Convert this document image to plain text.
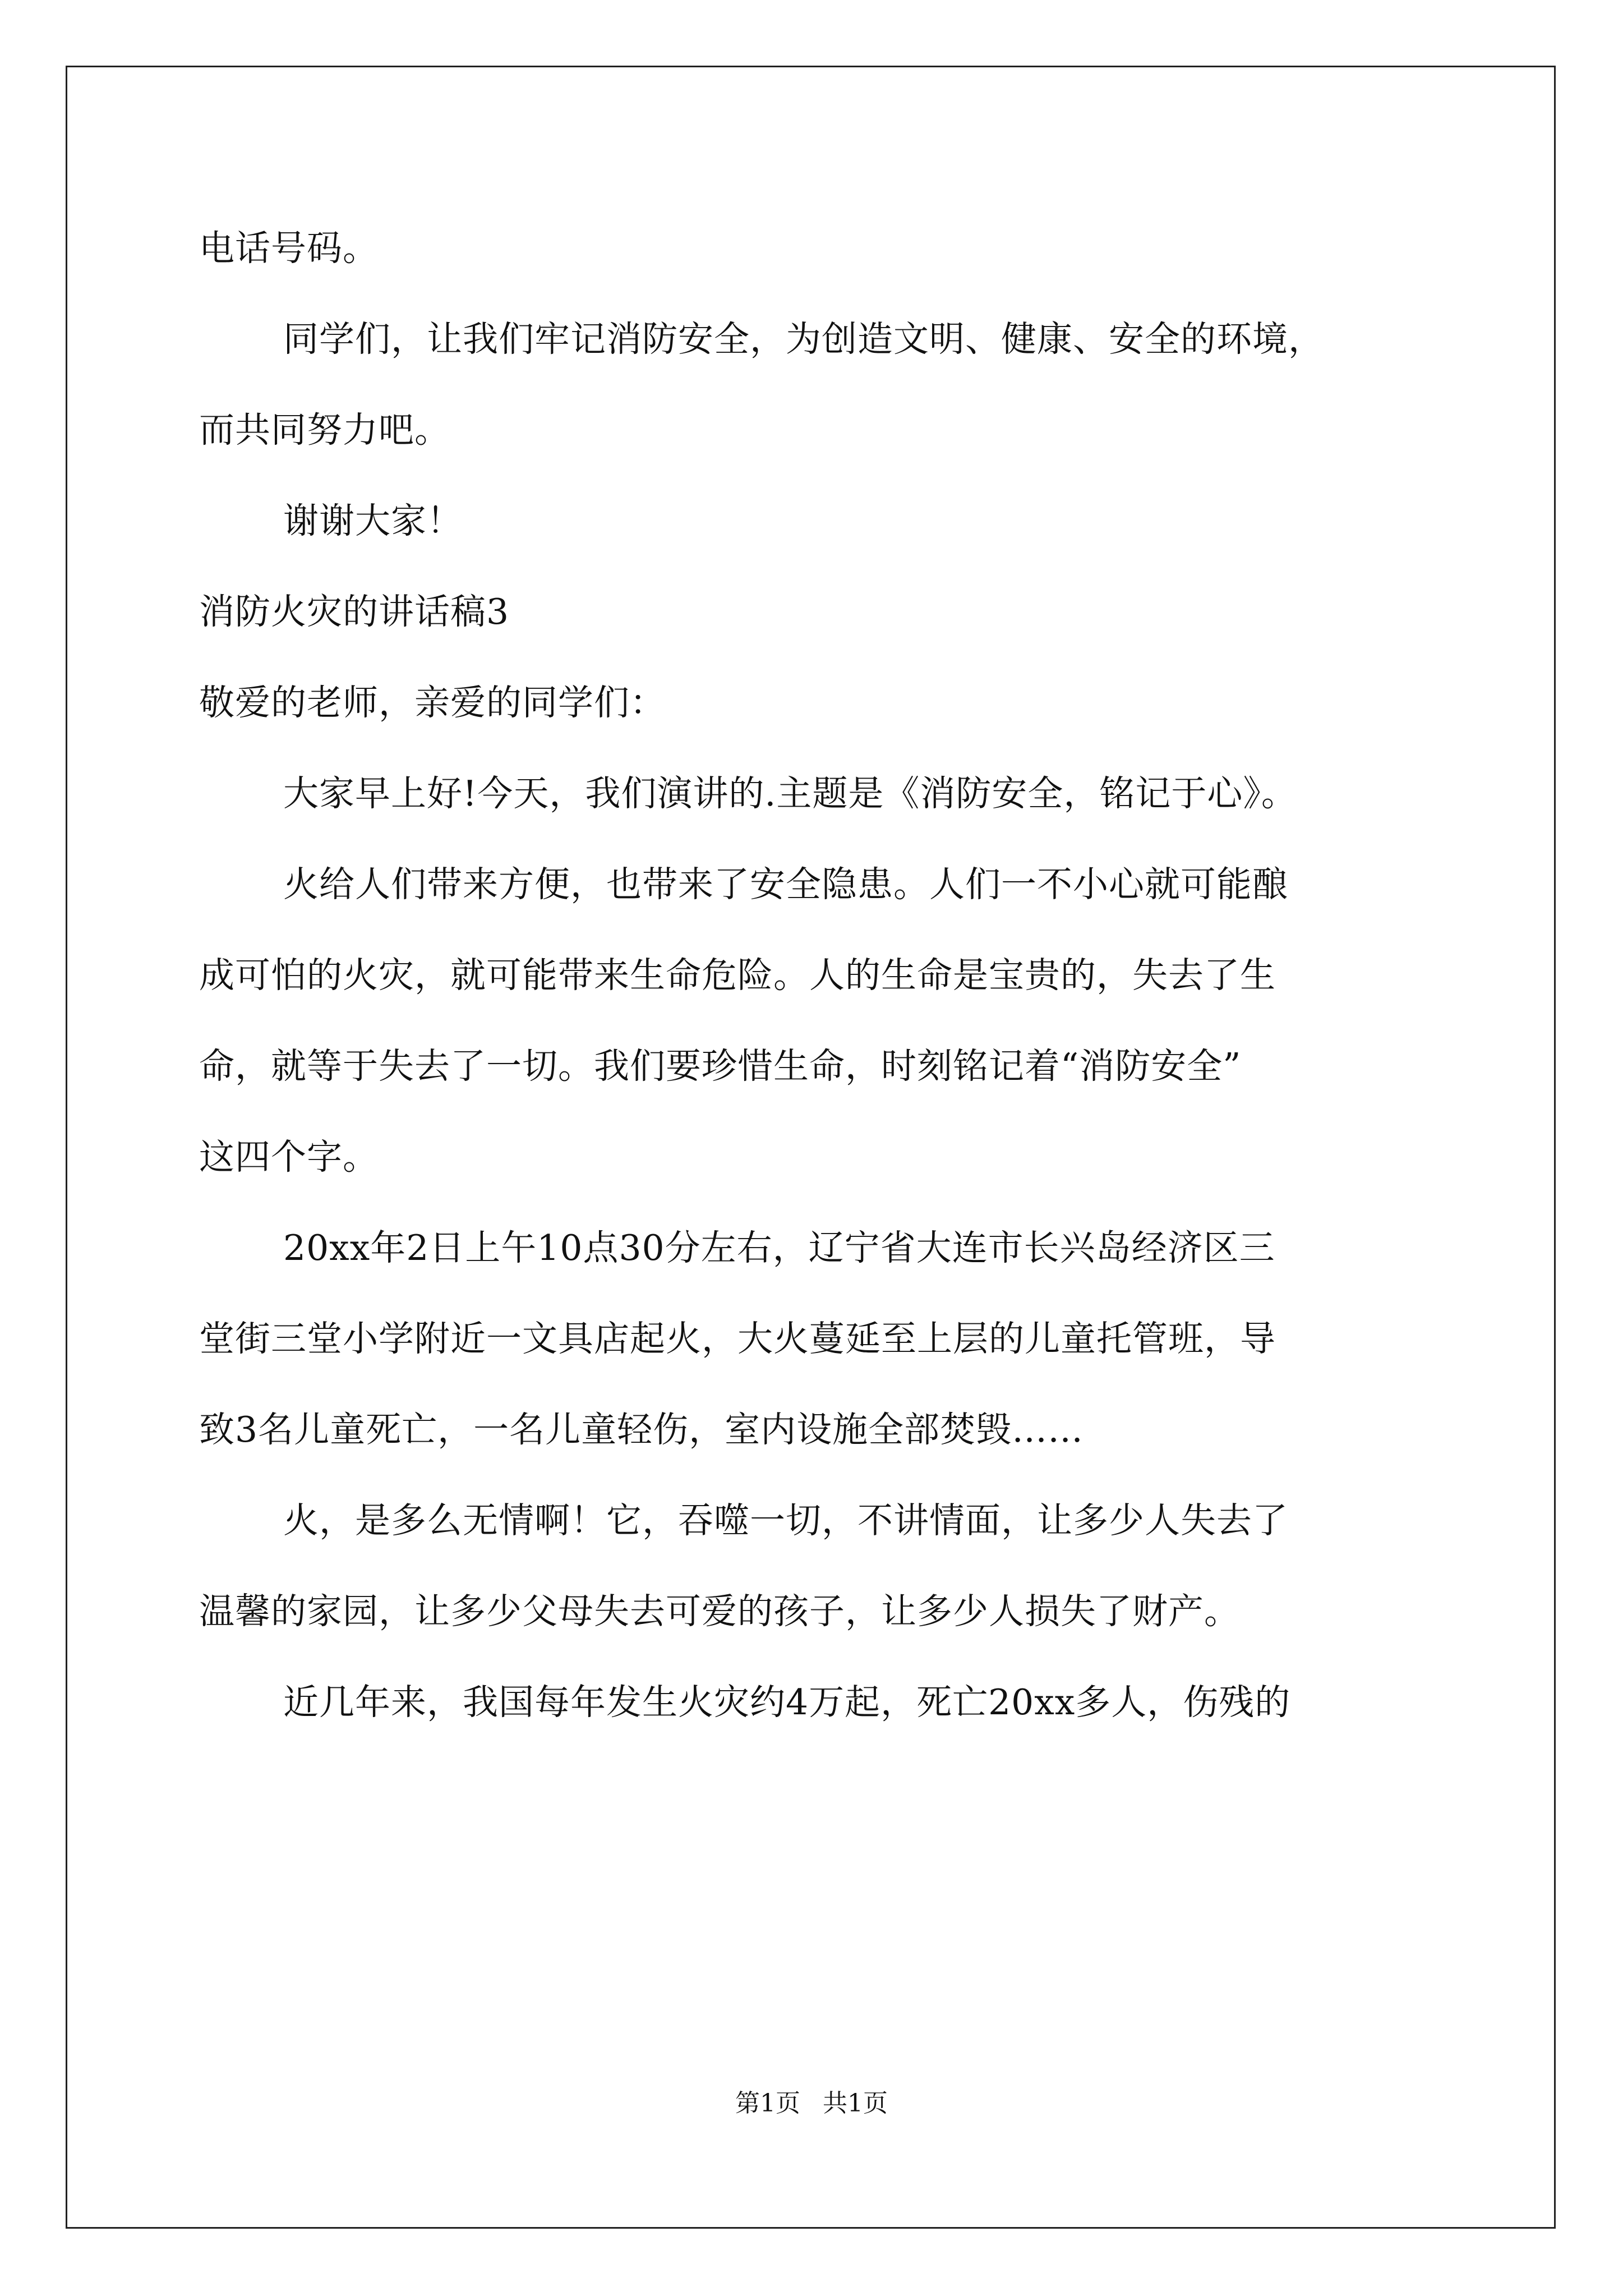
电话号码。
同学们，让我们牢记消防安全，为创造文明、健康、安全的环境，
而共同努力吧。
谢谢大家！
消防火灾的讲话稿3
敬爱的老师，亲爱的同学们：
大家早上好!今天，我们演讲的.主题是《消防安全，铭记于心》。
火给人们带来方便，也带来了安全隐患。人们一不小心就可能酿
成可怕的火灾，就可能带来生命危险。人的生命是宝贵的，失去了生
命，就等于失去了一切。我们要珍惜生命，时刻铭记着“消防安全”
这四个字。
20xx年2日上午10点30分左右，辽宁省大连市长兴岛经济区三
堂街三堂小学附近一文具店起火，大火蔓延至上层的儿童托管班，导
致3名儿童死亡，一名儿童轻伤，室内设施全部焚毁……
火，是多么无情啊！它，吞噬一切，不讲情面，让多少人失去了
温馨的家园，让多少父母失去可爱的孩子，让多少人损失了财产。
近几年来，我国每年发生火灾约4万起，死亡20xx多人，伤残的
第1页 共1页
